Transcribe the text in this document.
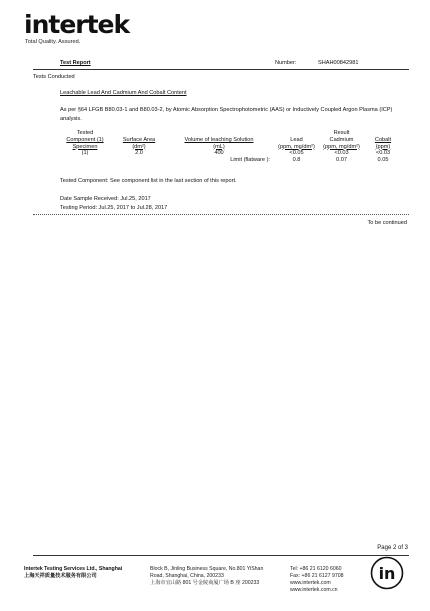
intertek
Total Quality. Assured.
Test Report	Number:	SHAH00842981
Tests Conducted
Leachable Lead And Cadmium And Cobalt Content
As per §64 LFGB B80.03-1 and B80.03-2, by Atomic Absorption Spectrophotometric (AAS) or Inductively Coupled Argon Plasma (ICP) analysis.
Tested				Result	
Component (1)	Surface Area	Volume of leaching Solution	Lead	Cadmium	Cobalt
Specimen	(dm²)	(mL)	(ppm, mg/dm²)	(ppm, mg/dm²)	(ppm)
(1)	2.0	400	<0.05	<0.03	<0.03
		Limit (flatware ):	0.8	0.07	0.05
Tested Component: See component list in the last section of this report.
Date Sample Received: Jul.25, 2017
Testing Period: Jul.25, 2017 to Jul.28, 2017
To be continued
Page 2 of 3
Intertek Testing Services Ltd., Shanghai
上海天祥质量技术服务有限公司
Block B, Jinling Business Square, No.801 YiShan
Road, Shanghai, China, 200233
上海市宜山路 801 号金陵商厦广场 B 座 200233
Tel: +86 21 6120 6060
Fax: +86 21 6127 9708
www.intertek.com
www.intertek.com.cn
in
